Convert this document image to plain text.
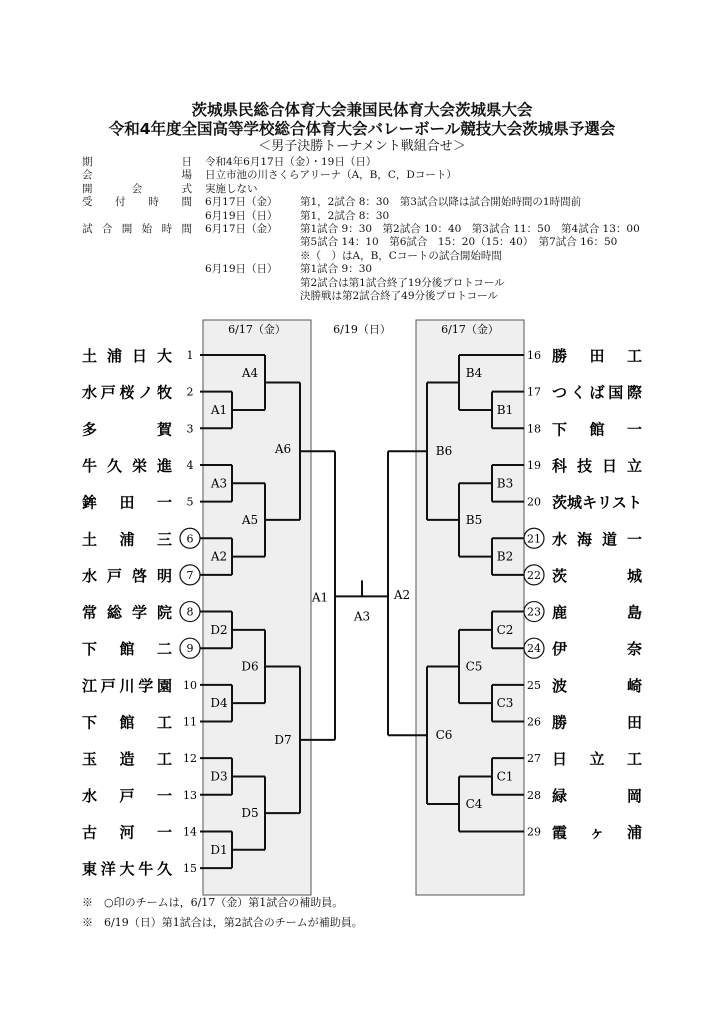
茨城県民総合体育大会兼国民体育大会茨城県大会
令和4年度全国高等学校総合体育大会バレーボール競技大会茨城県予選会
＜男子決勝トーナメント戦組合せ＞
期	日 令和4年6月17日（金）・19日（日）
会	場 日立市池の川さくらアリーナ（A，B，C，Dコート）
開	会	式 実施しない
受 付 時 間 6月17日（金） 第1，2試合 8：30　第3試合以降は試合開始時間の1時間前
6月19日（日） 第1，2試合 8：30
試 合 開 始 時 間 6月17日（金） 第1試合 9：30　第2試合 10：40　第3試合 11：50　第4試合 13：00
第5試合 14：10　第6試合　15：20（15：40）　第7試合 16：50
※（　）はA，B，Cコートの試合開始時間
6月19日（日） 第1試合 9：30
第2試合は第1試合終了19分後プロトコール
決勝戦は第2試合終了49分後プロトコール
6/17（金）	6/19（日）	6/17（金）
土浦日大 1
水戸桜ノ牧 2
多　　賀 3
牛久栄進 4
鉾　田　一 5
土　浦　三 6
水戸啓明 7
常総学院 8
下　館　二 9
江戸川学園 10
下　館　工 11
玉　造　工 12
水　戸　一 13
古　河　一 14
東洋大牛久 15
16 勝　田　工
17 つくば国際
18 下　館　一
19 科技日立
20 茨城キリスト
21 水海道一
22 茨　　　城
23 鹿　　　島
24 伊　　　奈
25 波　　　崎
26 勝　　　田
27 日　立　工
28 緑　　　岡
29 霞　ヶ　浦
A1
A4
A3
A2
A5
A6
D2
D4
D6
D3
D1
D5
D7
A1
B1
B4
B3
B2
B5
B6
C2
C3
C5
C1
C4
C6
A2
A3
※　○印のチームは，6/17（金）第1試合の補助員。
※　6/19（日）第1試合は，第2試合のチームが補助員。
